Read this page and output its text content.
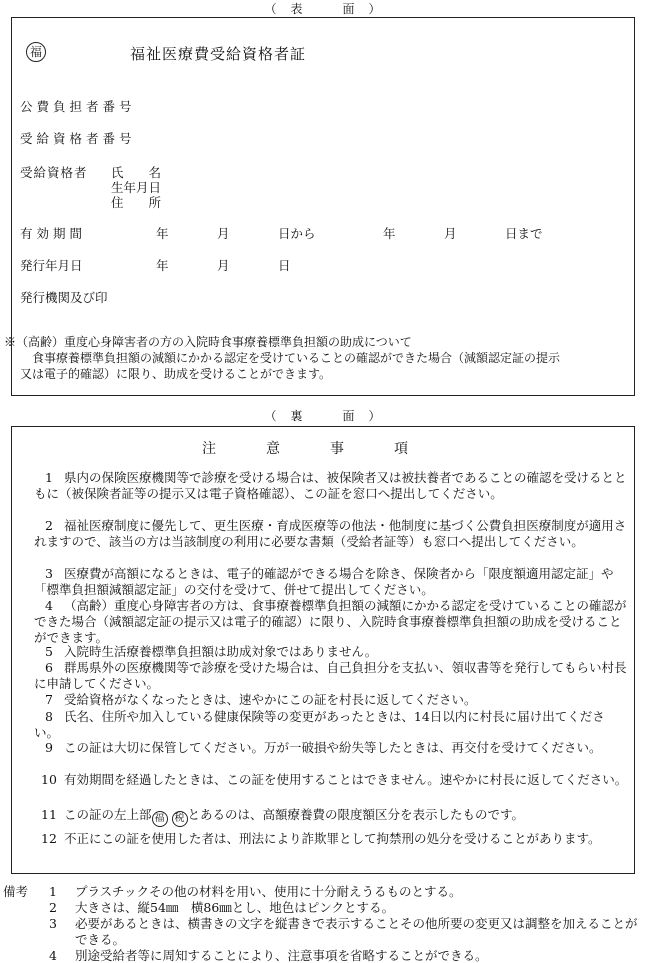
（　表　　　面　）
福	福祉医療費受給資格者証
公費負担者番号
受給資格者番号
受給資格者 氏　　名
生年月日
住　　所
有効期間	年	月	日から	年	月	日まで
発行年月日	年	月	日
発行機関及び印
※（高齢）重度心身障害者の方の入院時食事療養標準負担額の助成について
食事療養標準負担額の減額にかかる認定を受けていることの確認ができた場合（減額認定証の提示
又は電子的確認）に限り、助成を受けることができます。
（　裏　　　面　）
注　　　意　　　事　　　項
1 県内の保険医療機関等で診療を受ける場合は、被保険者又は被扶養者であることの確認を受けるとともに（被保険者証等の提示又は電子資格確認）、この証を窓口へ提出してください。
2 福祉医療制度に優先して、更生医療・育成医療等の他法・他制度に基づく公費負担医療制度が適用されますので、該当の方は当該制度の利用に必要な書類（受給者証等）も窓口へ提出してください。
3 医療費が高額になるときは、電子的確認ができる場合を除き、保険者から「限度額適用認定証」や「標準負担額減額認定証」の交付を受けて、併せて提出してください。
4 （高齢）重度心身障害者の方は、食事療養標準負担額の減額にかかる認定を受けていることの確認ができた場合（減額認定証の提示又は電子的確認）に限り、入院時食事療養標準負担額の助成を受けることができます。
5 入院時生活療養標準負担額は助成対象ではありません。
6 群馬県外の医療機関等で診療を受けた場合は、自己負担分を支払い、領収書等を発行してもらい村長に申請してください。
7 受給資格がなくなったときは、速やかにこの証を村長に返してください。
8 氏名、住所や加入している健康保険等の変更があったときは、14日以内に村長に届け出てください。
9 この証は大切に保管してください。万が一破損や紛失等したときは、再交付を受けてください。
10 有効期間を経過したときは、この証を使用することはできません。速やかに村長に返してください。
11 この証の左上部 福 税 とあるのは、高額療養費の限度額区分を表示したものです。
12 不正にこの証を使用した者は、刑法により詐欺罪として拘禁刑の処分を受けることがあります。
備考 1 プラスチックその他の材料を用い、使用に十分耐えうるものとする。
2 大きさは、縦54㎜　横86㎜とし、地色はピンクとする。
3 必要があるときは、横書きの文字を縦書きで表示することその他所要の変更又は調整を加えることができる。
4 別途受給者等に周知することにより、注意事項を省略することができる。
